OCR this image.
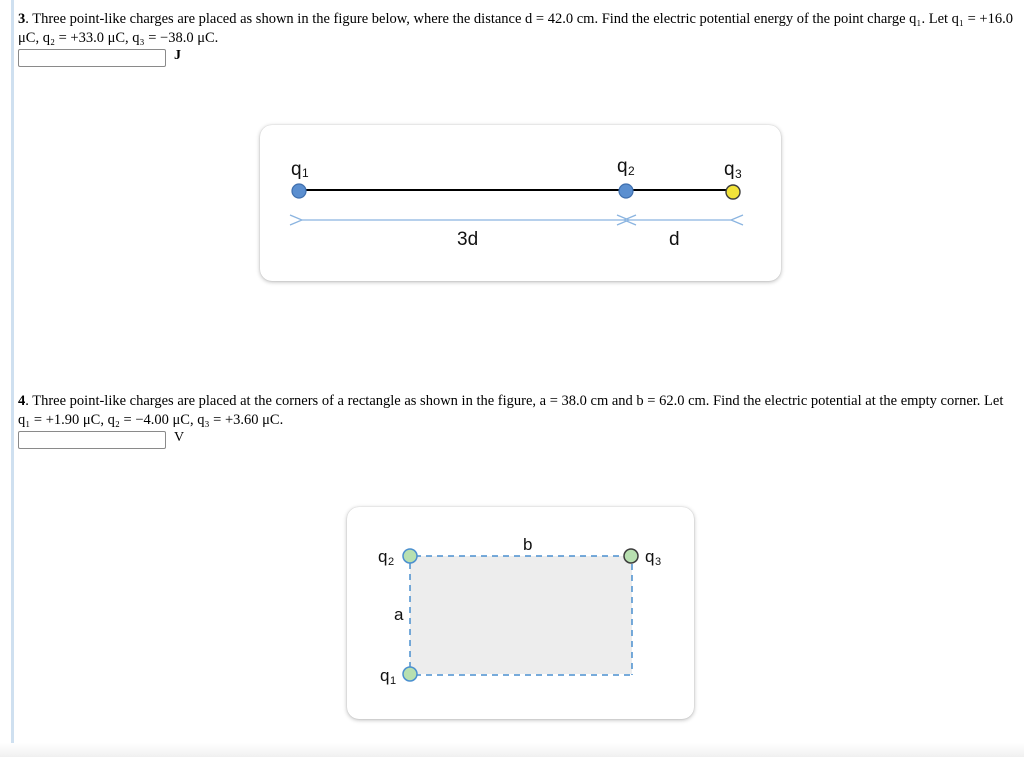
3. Three point-like charges are placed as shown in the figure below, where the distance d = 42.0 cm. Find the electric potential energy of the point charge q₁. Let q₁ = +16.0 μC, q₂ = +33.0 μC, q₃ = −38.0 μC.
J
q 1	q 2	q 3
3d	d
4. Three point-like charges are placed at the corners of a rectangle as shown in the figure, a = 38.0 cm and b = 62.0 cm. Find the electric potential at the empty corner. Let q₁ = +1.90 μC, q₂ = −4.00 μC, q₃ = +3.60 μC.
V
q 2	q 3
q 1
b
a
